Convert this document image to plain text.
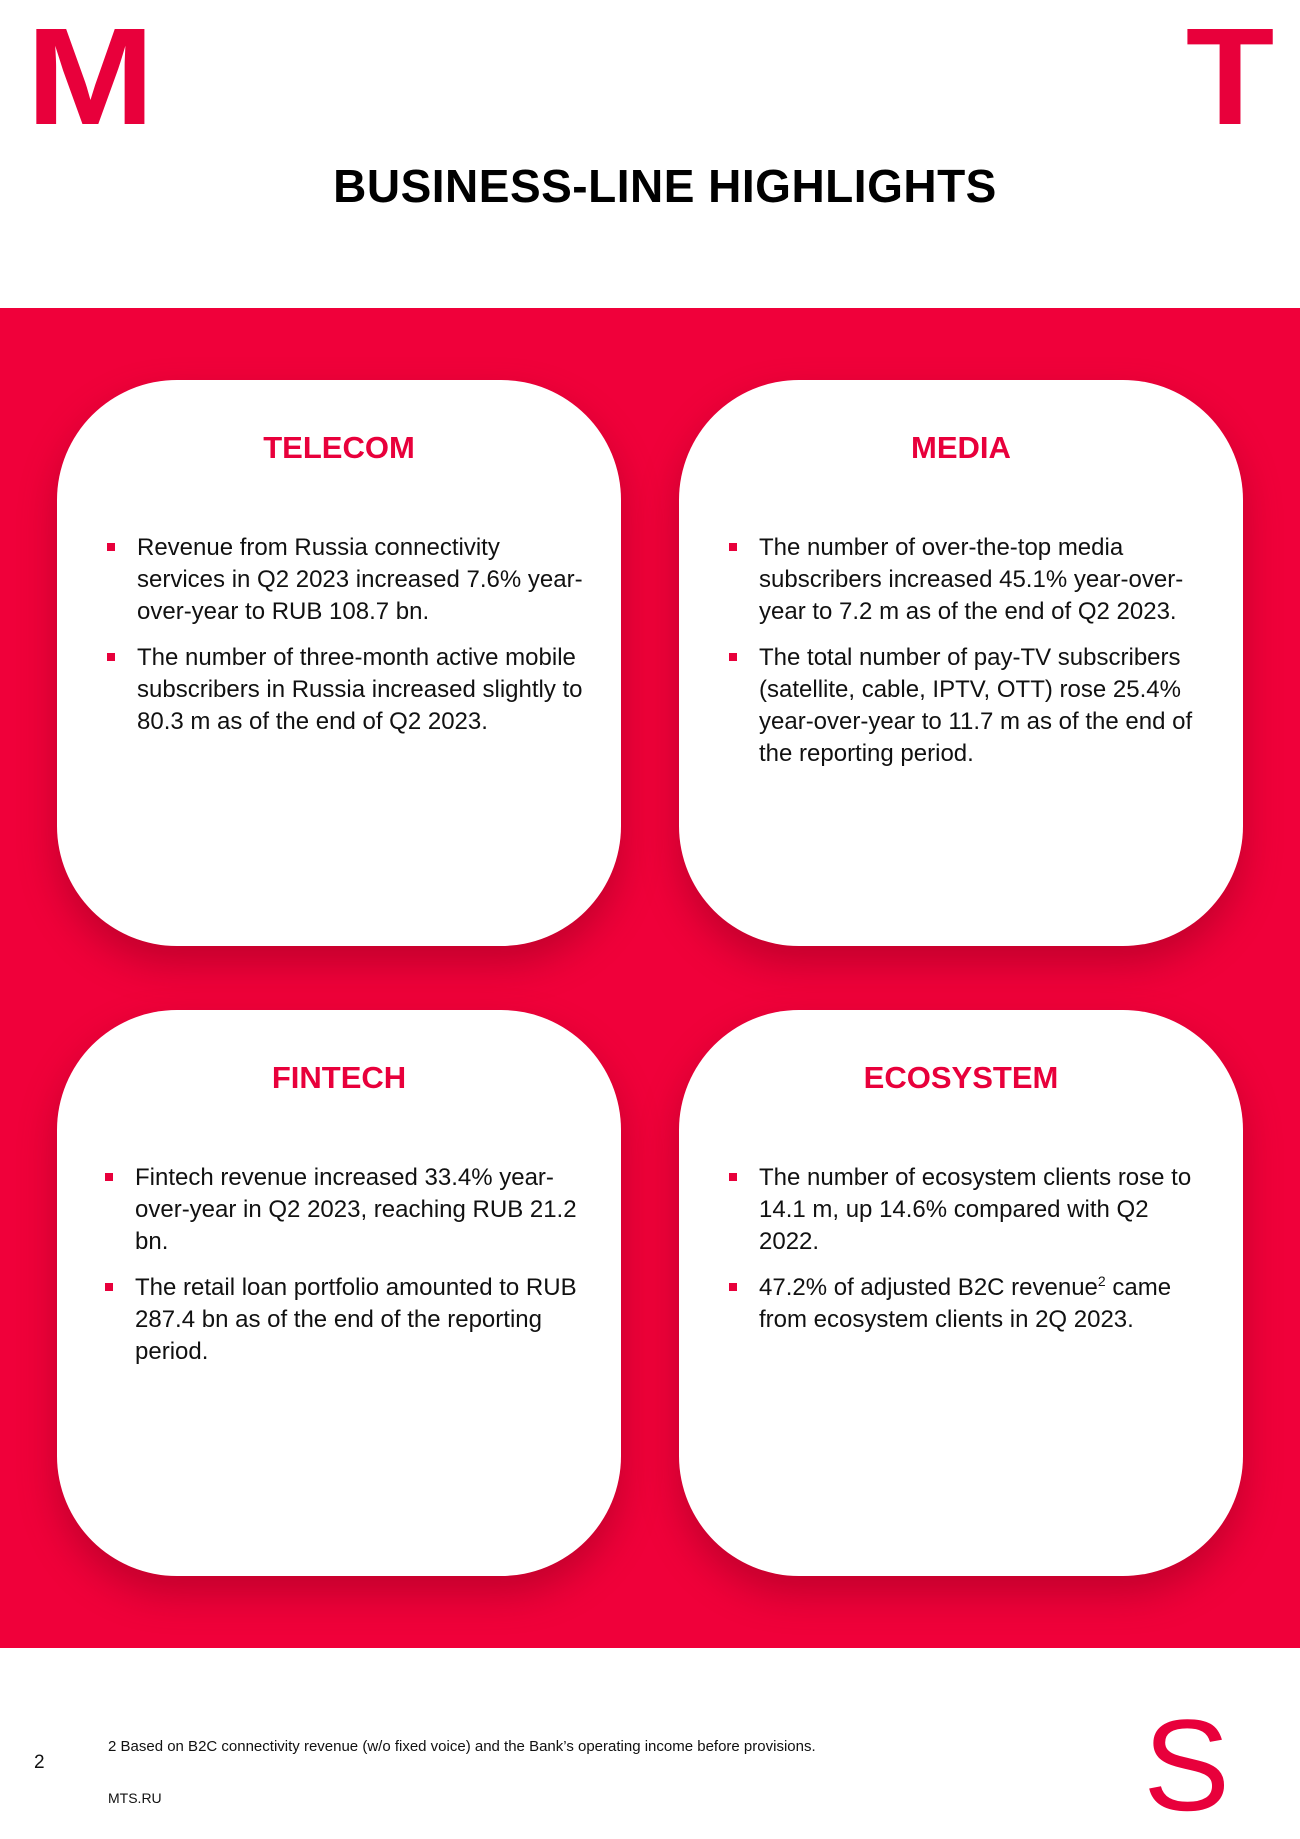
M	T
BUSINESS-LINE HIGHLIGHTS
TELECOM
Revenue from Russia connectivity services in Q2 2023 increased 7.6% year-over-year to RUB 108.7 bn.
The number of three-month active mobile subscribers in Russia increased slightly to 80.3 m as of the end of Q2 2023.
MEDIA
The number of over-the-top media subscribers increased 45.1% year-over-year to 7.2 m as of the end of Q2 2023.
The total number of pay-TV subscribers (satellite, cable, IPTV, OTT) rose 25.4% year-over-year to 11.7 m as of the end of the reporting period.
FINTECH
Fintech revenue increased 33.4% year-over-year in Q2 2023, reaching RUB 21.2 bn.
The retail loan portfolio amounted to RUB 287.4 bn as of the end of the reporting period.
ECOSYSTEM
The number of ecosystem clients rose to 14.1 m, up 14.6% compared with Q2 2022.
47.2% of adjusted B2C revenue$^2$ came from ecosystem clients in 2Q 2023.
2
2 Based on B2C connectivity revenue (w/o fixed voice) and the Bank’s operating income before provisions.
MTS.RU	S
